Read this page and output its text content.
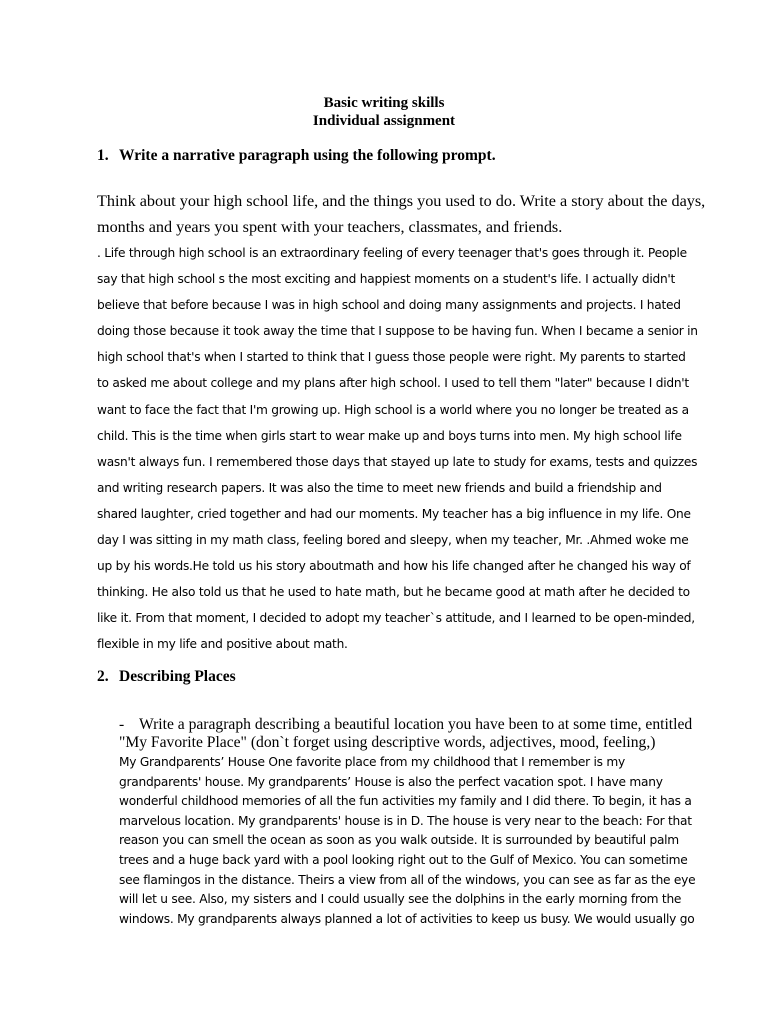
Basic writing skills
Individual assignment
1. Write a narrative paragraph using the following prompt.
Think about your high school life, and the things you used to do. Write a story about the days,
months and years you spent with your teachers, classmates, and friends.
. Life through high school is an extraordinary feeling of every teenager that's goes through it. People
say that high school s the most exciting and happiest moments on a student's life. I actually didn't
believe that before because I was in high school and doing many assignments and projects. I hated
doing those because it took away the time that I suppose to be having fun. When I became a senior in
high school that's when I started to think that I guess those people were right. My parents to started
to asked me about college and my plans after high school. I used to tell them "later" because I didn't
want to face the fact that I'm growing up. High school is a world where you no longer be treated as a
child. This is the time when girls start to wear make up and boys turns into men. My high school life
wasn't always fun. I remembered those days that stayed up late to study for exams, tests and quizzes
and writing research papers. It was also the time to meet new friends and build a friendship and
shared laughter, cried together and had our moments. My teacher has a big influence in my life. One
day I was sitting in my math class, feeling bored and sleepy, when my teacher, Mr. .Ahmed woke me
up by his words.He told us his story aboutmath and how his life changed after he changed his way of
thinking. He also told us that he used to hate math, but he became good at math after he decided to
like it. From that moment, I decided to adopt my teacher`s attitude, and I learned to be open-minded,
flexible in my life and positive about math.
2. Describing Places
- Write a paragraph describing a beautiful location you have been to at some time, entitled
"My Favorite Place" (don`t forget using descriptive words, adjectives, mood, feeling,)
My Grandparents’ House One favorite place from my childhood that I remember is my
grandparents' house. My grandparents’ House is also the perfect vacation spot. I have many
wonderful childhood memories of all the fun activities my family and I did there. To begin, it has a
marvelous location. My grandparents' house is in D. The house is very near to the beach: For that
reason you can smell the ocean as soon as you walk outside. It is surrounded by beautiful palm
trees and a huge back yard with a pool looking right out to the Gulf of Mexico. You can sometime
see flamingos in the distance. Theirs a view from all of the windows, you can see as far as the eye
will let u see. Also, my sisters and I could usually see the dolphins in the early morning from the
windows. My grandparents always planned a lot of activities to keep us busy. We would usually go
